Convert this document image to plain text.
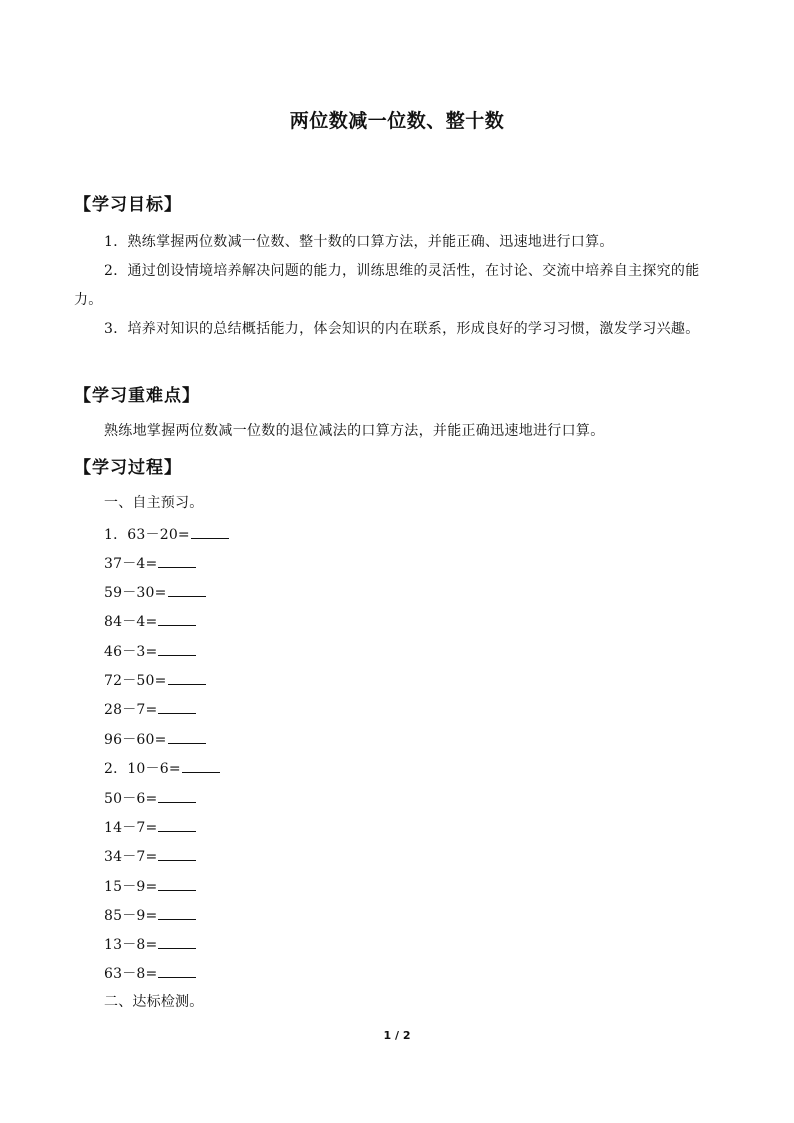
两位数减一位数、整十数
【学习目标】
1．熟练掌握两位数减一位数、整十数的口算方法，并能正确、迅速地进行口算。
2．通过创设情境培养解决问题的能力，训练思维的灵活性，在讨论、交流中培养自主探究的能力。
3．培养对知识的总结概括能力，体会知识的内在联系，形成良好的学习习惯，激发学习兴趣。
【学习重难点】
熟练地掌握两位数减一位数的退位减法的口算方法，并能正确迅速地进行口算。
【学习过程】
一、自主预习。
1．63－20=
37－4=
59－30=
84－4=
46－3=
72－50=
28－7=
96－60=
2．10－6=
50－6=
14－7=
34－7=
15－9=
85－9=
13－8=
63－8=
二、达标检测。
1 / 2
